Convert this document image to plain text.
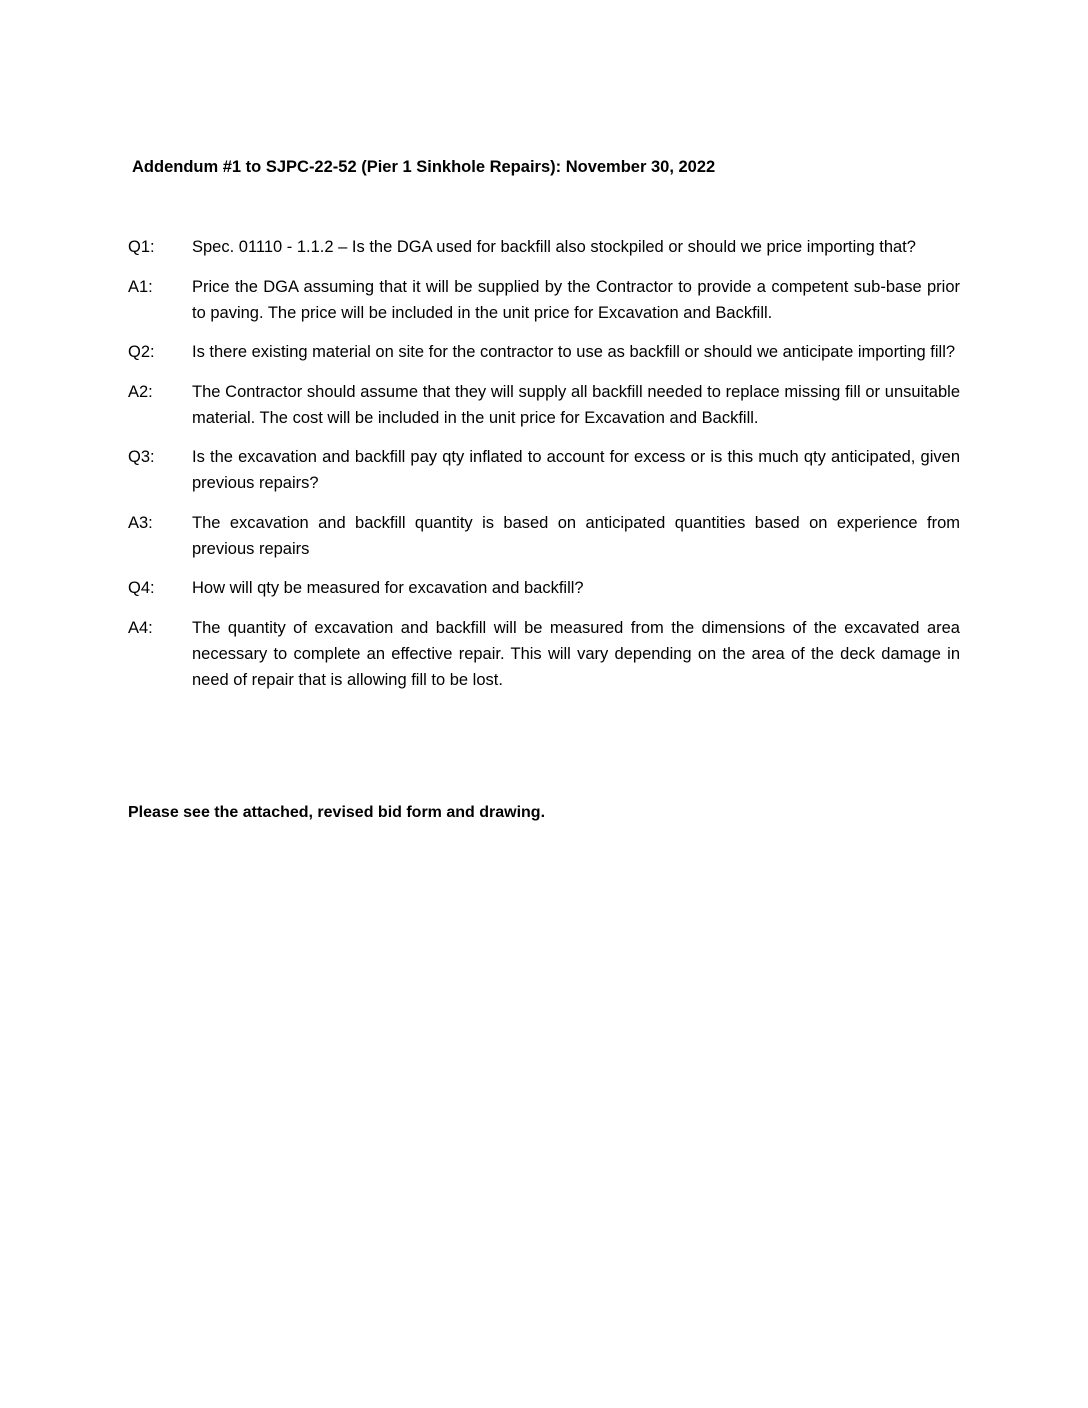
Addendum #1 to SJPC-22-52 (Pier 1 Sinkhole Repairs): November 30, 2022
Q1:	Spec. 01110 - 1.1.2 – Is the DGA used for backfill also stockpiled or should we price importing that?
A1:	Price the DGA assuming that it will be supplied by the Contractor to provide a competent sub-base prior to paving. The price will be included in the unit price for Excavation and Backfill.
Q2:	Is there existing material on site for the contractor to use as backfill or should we anticipate importing fill?
A2:	The Contractor should assume that they will supply all backfill needed to replace missing fill or unsuitable material. The cost will be included in the unit price for Excavation and Backfill.
Q3:	Is the excavation and backfill pay qty inflated to account for excess or is this much qty anticipated, given previous repairs?
A3:	The excavation and backfill quantity is based on anticipated quantities based on experience from previous repairs
Q4:	How will qty be measured for excavation and backfill?
A4:	The quantity of excavation and backfill will be measured from the dimensions of the excavated area necessary to complete an effective repair. This will vary depending on the area of the deck damage in need of repair that is allowing fill to be lost.
Please see the attached, revised bid form and drawing.
